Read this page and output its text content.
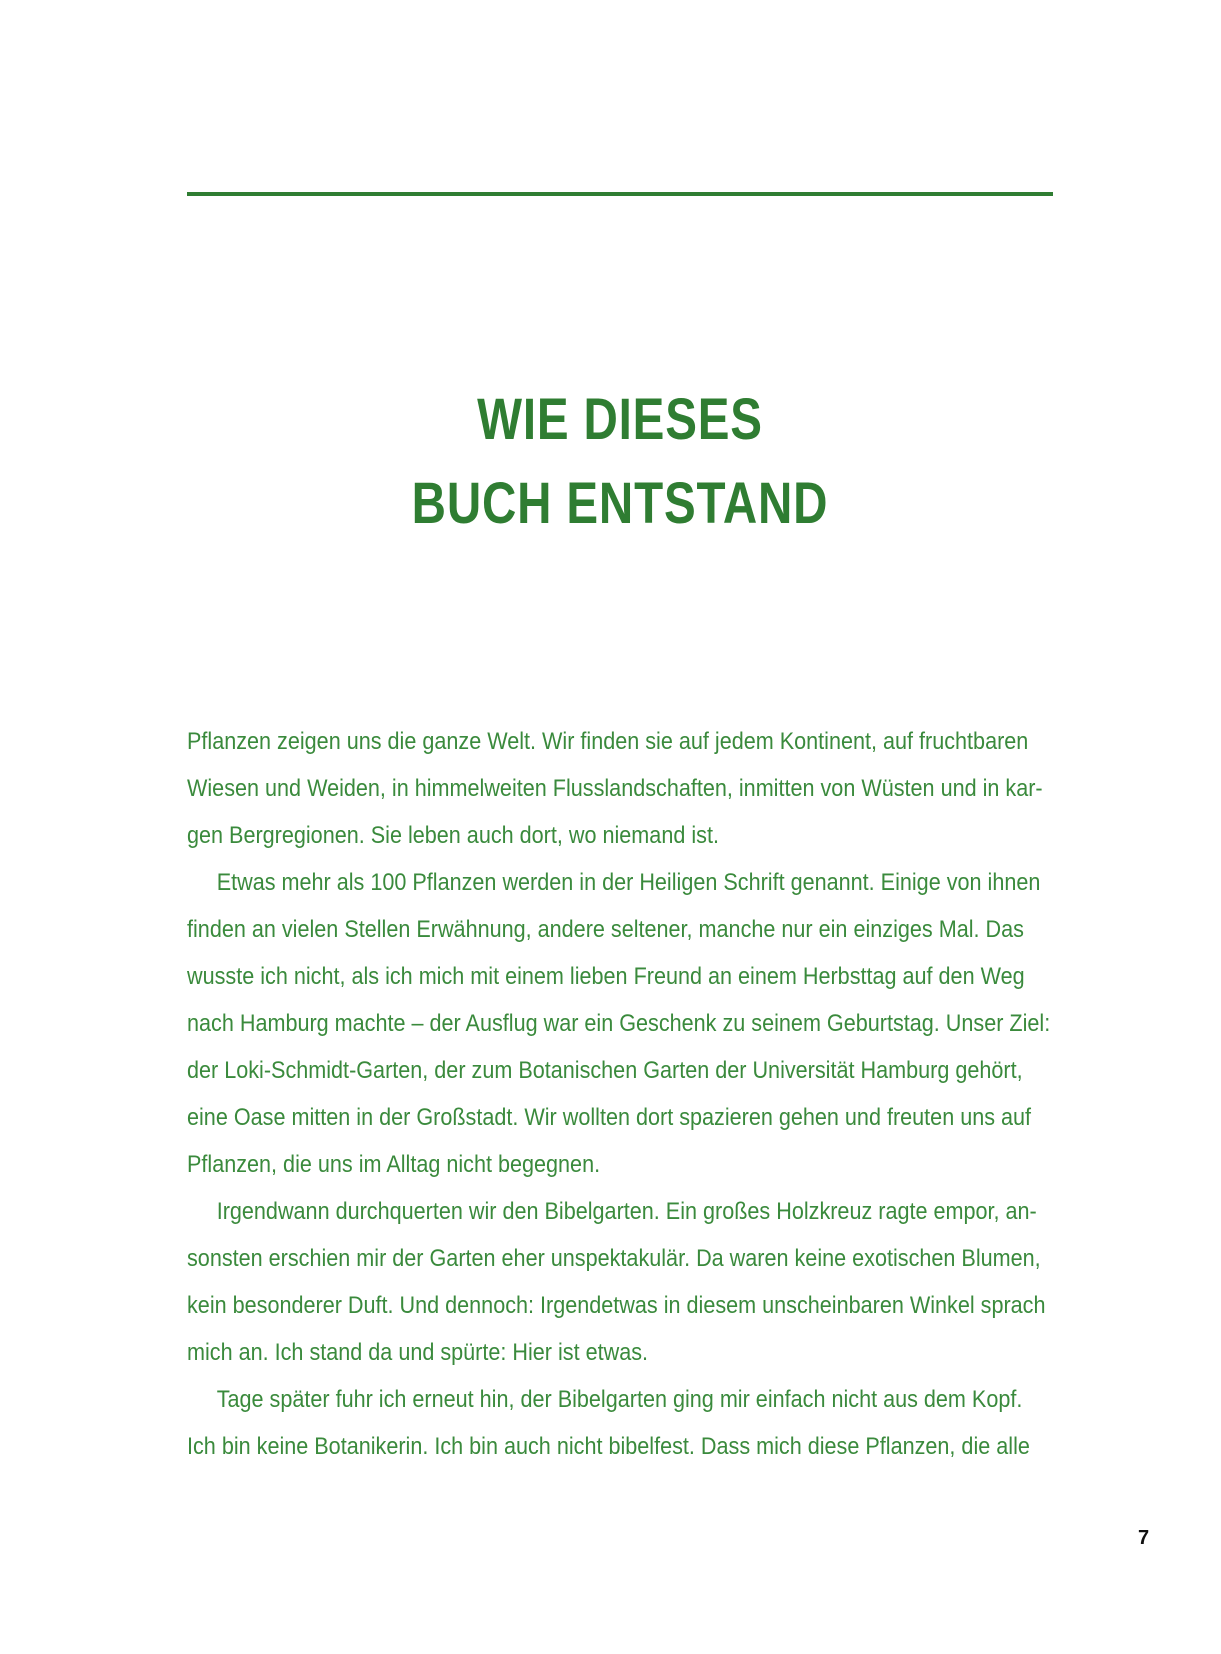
WIE DIESES
BUCH ENTSTAND
Pflanzen zeigen uns die ganze Welt. Wir finden sie auf jedem Kontinent, auf fruchtbaren
Wiesen und Weiden, in himmelweiten Flusslandschaften, inmitten von Wüsten und in kar-
gen Bergregionen. Sie leben auch dort, wo niemand ist.
Etwas mehr als 100 Pflanzen werden in der Heiligen Schrift genannt. Einige von ihnen
finden an vielen Stellen Erwähnung, andere seltener, manche nur ein einziges Mal. Das
wusste ich nicht, als ich mich mit einem lieben Freund an einem Herbsttag auf den Weg
nach Hamburg machte – der Ausflug war ein Geschenk zu seinem Geburtstag. Unser Ziel:
der Loki-Schmidt-Garten, der zum Botanischen Garten der Universität Hamburg gehört,
eine Oase mitten in der Großstadt. Wir wollten dort spazieren gehen und freuten uns auf
Pflanzen, die uns im Alltag nicht begegnen.
Irgendwann durchquerten wir den Bibelgarten. Ein großes Holzkreuz ragte empor, an-
sonsten erschien mir der Garten eher unspektakulär. Da waren keine exotischen Blumen,
kein besonderer Duft. Und dennoch: Irgendetwas in diesem unscheinbaren Winkel sprach
mich an. Ich stand da und spürte: Hier ist etwas.
Tage später fuhr ich erneut hin, der Bibelgarten ging mir einfach nicht aus dem Kopf.
Ich bin keine Botanikerin. Ich bin auch nicht bibelfest. Dass mich diese Pflanzen, die alle
7
